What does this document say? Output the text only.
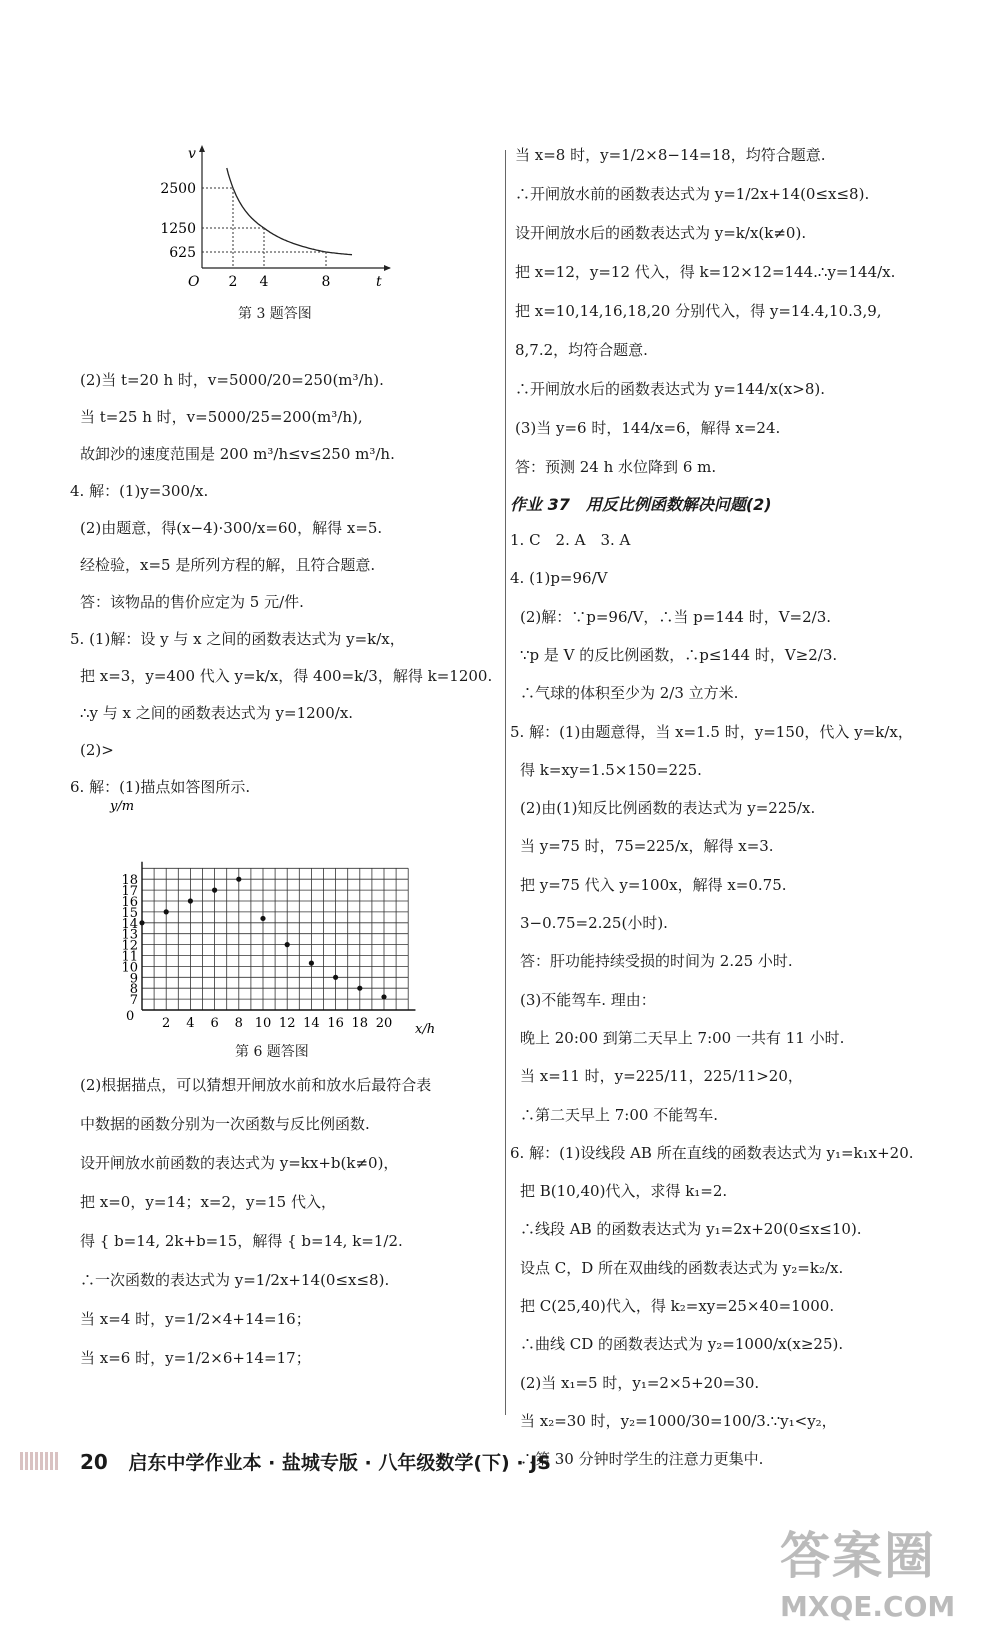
v
t
O
2500
1250
625
2 4	8
第 3 题答图
(2)当 t=20 h 时，v=5000/20=250(m³/h).
当 t=25 h 时，v=5000/25=200(m³/h),
故卸沙的速度范围是 200 m³/h≤v≤250 m³/h.
4. 解：(1)y=300/x.
(2)由题意，得(x−4)·300/x=60，解得 x=5.
经检验，x=5 是所列方程的解，且符合题意.
答：该物品的售价应定为 5 元/件.
5. (1)解：设 y 与 x 之间的函数表达式为 y=k/x，
把 x=3，y=400 代入 y=k/x，得 400=k/3，解得 k=1200.
∴y 与 x 之间的函数表达式为 y=1200/x.
(2)>
6. 解：(1)描点如答图所示.
y/m
x/h
0
18
17
16
15
14
13
12
11
10
9
8
7
2 4 6 8 10 12 14 16 18 20
第 6 题答图
(2)根据描点，可以猜想开闸放水前和放水后最符合表
中数据的函数分别为一次函数与反比例函数.
设开闸放水前函数的表达式为 y=kx+b(k≠0)，
把 x=0，y=14；x=2，y=15 代入，
得 { b=14, 2k+b=15，解得 { b=14, k=1/2.
∴一次函数的表达式为 y=1/2x+14(0≤x≤8).
当 x=4 时，y=1/2×4+14=16；
当 x=6 时，y=1/2×6+14=17；
当 x=8 时，y=1/2×8−14=18，均符合题意.
∴开闸放水前的函数表达式为 y=1/2x+14(0≤x≤8).
设开闸放水后的函数表达式为 y=k/x(k≠0).
把 x=12，y=12 代入，得 k=12×12=144.∴y=144/x.
把 x=10,14,16,18,20 分别代入，得 y=14.4,10.3,9,
8,7.2，均符合题意.
∴开闸放水后的函数表达式为 y=144/x(x>8).
(3)当 y=6 时，144/x=6，解得 x=24.
答：预测 24 h 水位降到 6 m.
作业 37　用反比例函数解决问题(2)
1. C　2. A　3. A
4. (1)p=96/V
(2)解：∵p=96/V，∴当 p=144 时，V=2/3.
∵p 是 V 的反比例函数，∴p≤144 时，V≥2/3.
∴气球的体积至少为 2/3 立方米.
5. 解：(1)由题意得，当 x=1.5 时，y=150，代入 y=k/x，
得 k=xy=1.5×150=225.
(2)由(1)知反比例函数的表达式为 y=225/x.
当 y=75 时，75=225/x，解得 x=3.
把 y=75 代入 y=100x，解得 x=0.75.
3−0.75=2.25(小时).
答：肝功能持续受损的时间为 2.25 小时.
(3)不能驾车. 理由：
晚上 20:00 到第二天早上 7:00 一共有 11 小时.
当 x=11 时，y=225/11，225/11>20，
∴第二天早上 7:00 不能驾车.
6. 解：(1)设线段 AB 所在直线的函数表达式为 y₁=k₁x+20.
把 B(10,40)代入，求得 k₁=2.
∴线段 AB 的函数表达式为 y₁=2x+20(0≤x≤10).
设点 C，D 所在双曲线的函数表达式为 y₂=k₂/x.
把 C(25,40)代入，得 k₂=xy=25×40=1000.
∴曲线 CD 的函数表达式为 y₂=1000/x(x≥25).
(2)当 x₁=5 时，y₁=2×5+20=30.
当 x₂=30 时，y₂=1000/30=100/3.∵y₁<y₂，
∴第 30 分钟时学生的注意力更集中.
20 启东中学作业本 · 盐城专版 · 八年级数学(下) · JS
答案圈
MXQE.COM
